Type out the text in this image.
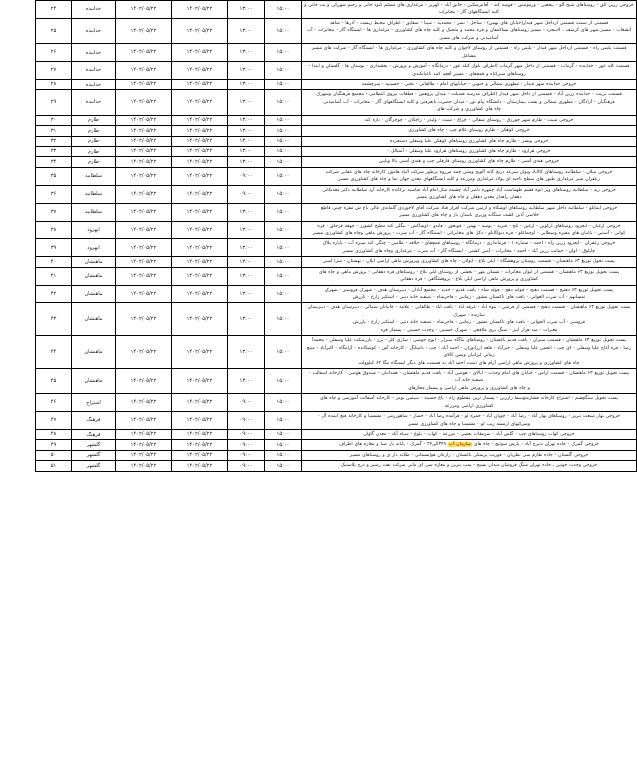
خروجی زرین الق - روستاهای شیخ آلو - بیجغین - ورمونتش - قوشه کند - آقامرشکین - خاتق آباد - کهریز - مرغداری های مسلم کبود خانی و رحیم شهرکی و بت خانی و کلیه ایستگاههای گاز - مخابرات	۱۵:۰۰	۱۳:۰۰	۱۴۰۲/۰۵/۲۲	۱۴۰۲/۰۵/۲۲	خدابنده	۲۴

قسمتی از سمت قسمتی ازداخل شهر قیدار(خیابان های بهمن) - ساحل - نصر - محمدیه - سینا - شقایق - اطراف محیط زیست - آذرها - شاهد
انشعاب - مسیر شهر های کرسف ، لاسجرد - مسیر روستاهای بساکمفان و قره محمد و منجیک و کلیه چاه های کشاورزی - مرغداری ها - ایستگاه گاز - مخابرات - آب آشامیدنی و شرکت های مسیر	۱۵:۰۰	۱۳:۰۰	۱۴۰۲/۰۵/۲۲	۱۴۰۲/۰۵/۲۲	خدابنده	۲۵

قسمت پلیس راه - قسمتی ازداخل شهر قیدار - پلیس راه - قسمتی از روستای لاچوان و کلیه چاه های کشاورزی - مرغداری ها - ایستگاه گاز - شرکت های مسیر مشاغل	۱۵:۰۰	۱۳:۰۰	۱۴۰۲/۰۵/۲۲	۱۴۰۲/۰۵/۲۲	خدابنده	۲۶

قسمت کله عور - خدابنده - گرماب - قسمتی از داخل شهر گرماب (اطراف بلوار کنله عور - درمانگاه - آموزش و پرورش - بخشداری - بوستان ها - گلستان و ابتدا - روستاهای سبزکناه و قمچقای - مسیر آقچه کنید ناغیانکندی	۱۵:۰۰	۱۳:۰۰	۱۴۰۲/۰۵/۲۲	۱۴۰۲/۰۵/۲۲	خدابنده	۲۷

خروجی خدابنده شهر قیدار - مطهری شمالی و جنوبی - خیابانهای امام - طالقانی - تختی - حسینیه - سرچشمه	۱۵:۰۰	۱۳:۰۰	۱۴۰۲/۰۵/۲۲	۱۴۰۲/۰۵/۲۲	خدابنده	۲۸

قسمت تربیت - خدابنده زرین آباد - قسمتی از داخل شهر قیدار (اطراف مدرسه فضیلت - میدان پژوهش - قطعات نیروی انتظامی - مجتمع فرهنگیان وشهرک
فرهنگیان - آزادگان - مطهری شمالی و پشت بیمارستان - دانشگاه پیام نور - میدان حضرت ناتعزقتی و کلیه ایستگاههای گاز - مخابرات - آب آشامیدنی
چاه های کشاورزی و شرکت های	۱۵:۰۰	۱۳:۰۰	۱۴۰۲/۰۵/۲۲	۱۴۰۲/۰۵/۲۲	خدابنده	۲۹

خروجی شیت - طارم شهر چورزق - روستای شفائی - چراغ - شیت - ولیدر - زاچکان - چوجرگان - تازه کند	۱۵:۰۰	۱۳:۰۰	۱۴۰۲/۰۵/۲۲	۱۴۰۲/۰۵/۲۲	طارم	۳۰

خروجی کوهکن - طارم روستای غلام چپ - چاه های کشاورزی	۱۵:۰۰	۱۳:۰۰	۱۴۰۲/۰۵/۲۲	۱۴۰۲/۰۵/۲۲	طارم	۳۱

خروجی وبسر - طارم چاه های کشاورزی روستاهای کوهکن علیا وسفلی دستجرده	۱۵:۰۰	۱۳:۰۰	۱۴۰۲/۰۵/۲۲	۱۴۰۲/۰۵/۲۲	طارم	۳۲

خروجی هزارود - طارم چاه های کشاورزی روستاهای هزارود علیا وسفلی - آستالل -	۱۵:۰۰	۱۳:۰۰	۱۴۰۲/۰۵/۲۲	۱۴۰۲/۰۵/۲۲	طارم	۳۳

خروجی هندی آشنی - طارم چاه های کشاورزی روستای قارقلی چپ و هندی آشنی بالا وپایین	۱۵:۰۰	۱۳:۰۰	۱۴۰۲/۰۵/۲۲	۱۴۰۲/۰۵/۲۲	طارم	۳۴

خروجی میلان - سلطانیه روستاهای کالاباد ویوان سرعه دربج کانه آلویح ومس چمه مزروه برطور شرکت الباد هامون کارخانه چاه های عفانی شرکت
زعفران شیر مرغداری طیور های سطح ناحیه ای پولاد مرغداری ومزرعه و کلیه ایستگاههای معدن جهان نما و چاه های کشاورزی مسیر	۱۵:۰۰	۰۹:۰۰	۱۴۰۲/۰۵/۲۲	۱۴۰۲/۰۵/۲۲	سلطانیه	۳۵

خروجی زید - سلطانیه روستاهای ویر انوه قشم طهماست آباد چمهره ناصر آباد چشمه ساز امام آباد فیاسیه ترکانده کارخانه آرد سلطانیه دکتر معدنکانی
دهقان راهدار معدن دهقان و چاه های کشاورزی مسیر	۱۵:۰۰	۰۹:۰۰	۱۴۰۲/۰۵/۲۲	۱۴۰۲/۰۵/۲۲	سلطانیه	۳۶

خروجی ایمانلو - سلطانیه داخل شهر سلطانیه روستاهای اوشکاه و ازمین شرکت افراز قناد شرکت آقای لاجوردی گلماندی عالی باغ ش مقره چینی قاطع
خلاصی آذین کشت سنگانه وزیری باستان باز و چاه های کشاورزی مسیر	۱۵:۰۰	۱۳:۰۰	۱۴۰۲/۰۵/۲۲	۱۴۰۲/۰۵/۲۲	سلطانیه	۳۷

خروجی ارغیان - ایجرود روستاهای ارکوین - ارغین - تلخ - قبریه - بوسه - بهمن - قویجور - فاندو - اوشاکش - بیگلی کنه مطبخ کشورز - چهقه قرجلق - قره
کوانی - آستین - باغبان های مقیره وسطایی - اوچماغلو - قره دیواکانلو - دکل های مخابراتی - ایستگاه گاز - آب شرب - پرورش ماهی وچاه های کشاورزی مسیر	۱۵:۰۰	۱۳:۰۰	۱۴۰۲/۰۵/۲۲	۱۴۰۲/۰۵/۲۲	ابهرود	۳۸

خروجی زعفران - ایجرود زرین راه - احمد - شماره ۱ - فرمانداری - درمانگاه - روستاهای قمچقای - حلاقه - طامین - چنگی کند سبزه آب - پاپاره پلاک
چاپلوق - اوان - حمایت زرین آباد - احمد - مخابرات - آمین کشتی - ایستگاه گاز - آب شرب - مرغداری وچاه های کشاورزی مسیر	۱۵:۰۰	۱۳:۰۰	۱۴۰۲/۰۵/۲۲	۱۴۰۲/۰۵/۲۲	ابهرود	۳۹

پست تحول توزیع ۶۳ ماهنشان - قسمت روستان پژوهشگاه - ایلی بلاغ - ایولان - چاه های کشاورزی وپرورش ماهی اراضی ایلان - بهستان - سرا اسیر	۱۵:۰۰	۱۳:۰۰	۱۴۰۲/۰۵/۲۲	۱۴۰۲/۰۵/۲۲	ماهنشان	۴۰

پست تحویل توزیع ۶۳ ماهنشان - قسمتی از ایوان مخابرات - مسکن مهر - بخشی از روستای ایلی بلاغ - روستاهای قره دهقانی - پرورش ماهی و چاه های
کشاورزی و پرورش ماهی اراضی ایلی بلاغ - پروفشگاهی - قره دهقانی	۱۵:۰۰	۱۳:۰۰	۱۴۰۲/۰۵/۲۲	۱۴۰۲/۰۵/۲۲	ماهنشان	۴۱

پست تحویل توزیع ۶۳ دهنیج - قسمت دهیج - چوانه دهج - چوله شاه - بافت قدیم - جدید - مجتمع آبادان - دبیرستان هدف - شهرک فروسیر - شهرک
تمسانهم - آب شرب الغوانی - بافت های تاکستان مشور - زمانین - فاخرشاه - تصفیه خانه دنبی - استکبر زارع - بازرش	۱۵:۰۰	۱۳:۰۰	۱۴۰۲/۰۵/۲۲	۱۴۰۲/۰۵/۲۲	ماهنشان	۴۲

پست تحویل توزیع ۶۳ ماهنشان - قسمت دهنج - قسمتی از قرمتی - بنوه اباد - غرفه اباد - بافت اباد - طالقانی - علامه - جانبانان شمالی - دبیرستان هدف - دبیرستان سازنده - شهرک
فروسیر - آب شرب الخوانی - بافت های تاکستان مشور - زمانین - فاخرشاه - تصفیه خانه دنبی - استکبر زارع - بازرش
مغیرات - صد هزار لیتر - سنگ بری ملاقچی - شهرک حسینی - وحدت حسینی - پسماز قره	۱۵:۰۰	۱۳:۰۰	۱۴۰۲/۰۵/۲۲	۱۴۰۲/۰۵/۲۲	ماهنشان	۴۳

پست تحویل توزیع ۶۳ ماهنشان - قسمت سبزان - بافت قدیم باغستان - روستاهای بناگاه سبزار - ابوج حوصی - ساری کلر - برز - بازرشکت علیا وسفلی - محمدآ
رضا - قره آغاج علیا وسفلی - ای چپ - انجمن علیا وسفلی - خیرآباد - قلعه ارزانوران - احمد آباد - چپ - دانپتانگ - کارخانه آس - کوشکانده - آرامگاه - اکبرآباد - منبع زمانی ایرانیان ومس کالای
چاه های کشاورزی و پرورش ماهی اراضی آرام های دشت احمد آباد به قسمت های دیگر ایستگاه مگا ۶۳ کیلوولت	۱۵:۰۰	۱۳:۰۰	۱۴۰۲/۰۵/۲۲	۱۴۰۲/۰۵/۲۲	ماهنشان	۴۴

پست تحویل توزیع ۶۳ ماهنشان - قسمت اراس - خیابان های امام وحدت - ایالای - هوصی آباد - بافت قدیم ماهنشان - همدانیان - صندوق هوصی - کارخانه اسفالت - تصفیه خانه آب
و چاه های کشاورزی و پرورش ماهی اراضی و پسماز مجازهای	۱۵:۰۰	۱۳:۰۰	۱۴۰۲/۰۵/۲۲	۱۴۰۲/۰۵/۲۲	ماهنشان	۴۵

پست تحویل سنگچشم - اشتراج کارخانه فشارمتوسط زارزین - پسماز ترین مقطوم راه - باغ حسینه - سیمین بومر - کارخانه آسفالت آموزشی و چاه های
کشاورزی اراضی ومزرعه	۱۵:۰۰	۰۹:۰۰	۱۴۰۲/۰۵/۲۲	۱۴۰۲/۰۵/۲۲	اشتراج	۴۶

خروجی بهار صنعت تبریز - روستاهای بهار آباد - رضا آباد - چوپان آباد - حمزه لو - فرآمده رضا آباد - حصار - شاهوررمی - مشسیا و کارخانه فنچ ایمده آل -
وشرکتهای ارمسه ریب لو - مشسیا و چاه های کشاورزی مسیر	۱۵:۰۰	۰۹:۰۰	۱۴۰۲/۰۵/۲۲	۱۴۰۲/۰۵/۲۲	فرهنگ	۴۷

خروجی کهاب روستاهای چپ - گلش آباد - سرمقات بعضی - مزرعه - کهاب - بلوغ - سیاه آباد - معدن گاوان	۱۵:۰۰	۰۹:۰۰	۱۴۰۲/۰۵/۲۲	۱۴۰۲/۰۵/۲۲	فرهنگ	۴۸
خروجی گمرک - جاده تهران دنیرج آباد - پارس سوئیچ - چاه های سازمان آب ۳۴۹الی۲۴ - گمرک - پایانه بار صبا و مغازه های اطراف	۱۵:۰۰	۰۹:۰۰	۱۴۰۲/۰۵/۲۲	۱۴۰۲/۰۵/۲۲	گلشهر	۴۹

خروجی گلستان - جاده طارم سی نظریان - فوریت پزشکی باغستان - زارعان هوایسمانی - طلایه دار ی و روستاهای مسیر	۱۵:۰۰	۰۹:۰۰	۱۴۰۲/۰۵/۲۲	۱۴۰۲/۰۵/۲۲	گلشهر	۵۰

خروجی وحدت خونین ـ جاده تهران سنگ فروشان میدان بسیج - پمپ بنزین و مغازه سی ای مانی شرکت نفت رسیر و درج پلاستیک	۱۵:۰۰	۰۹:۰۰	۱۴۰۲/۰۵/۲۲	۱۴۰۲/۰۵/۲۲	گلشهر	۵۱
